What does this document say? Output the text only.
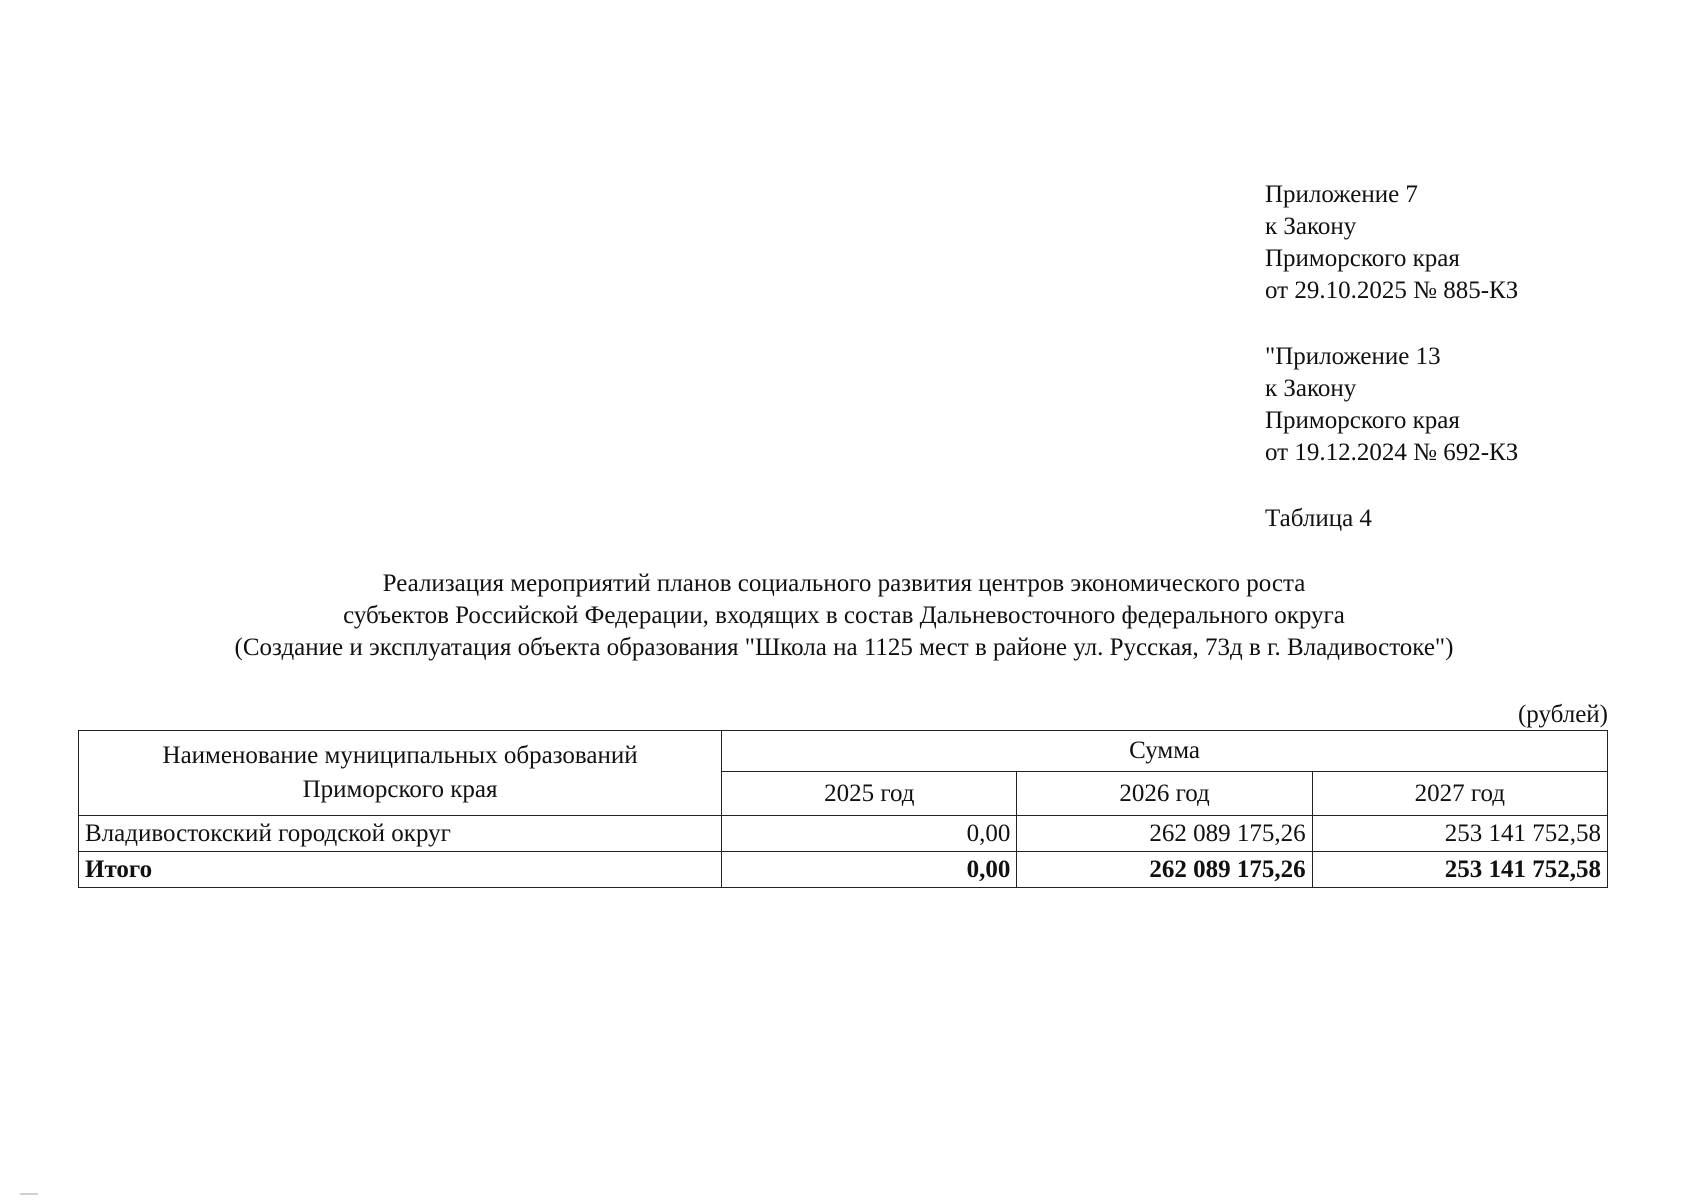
Приложение 7
к Закону
Приморского края
от 29.10.2025 № 885-КЗ
"Приложение 13
к Закону
Приморского края
от 19.12.2024 № 692-КЗ
Таблица 4
Реализация мероприятий планов социального развития центров экономического роста
субъектов Российской Федерации, входящих в состав Дальневосточного федерального округа
(Создание и эксплуатация объекта образования "Школа на 1125 мест в районе ул. Русская, 73д в г. Владивостоке")
(рублей)
Наименование муниципальных образований
Приморского края	Сумма		
	2025 год	2026 год	2027 год
Владивостокский городской округ	0,00	262 089 175,26	253 141 752,58
Итого	0,00	262 089 175,26	253 141 752,58
